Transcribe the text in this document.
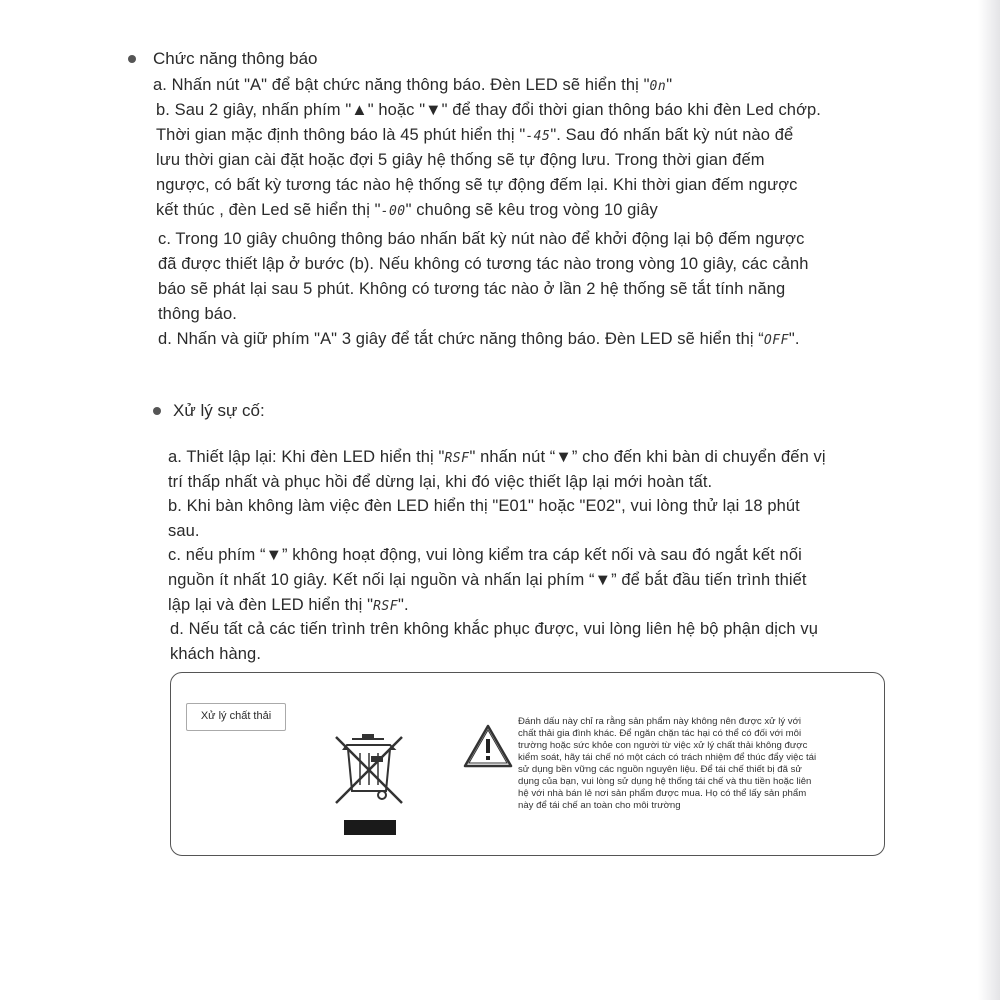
Chức năng thông báo
a. Nhấn nút "A" để bật chức năng thông báo. Đèn LED sẽ hiển thị "0n"
b. Sau 2 giây, nhấn phím "▲" hoặc "▼" để thay đổi thời gian thông báo khi đèn Led chớp.
Thời gian mặc định thông báo là 45 phút hiển thị "-45". Sau đó nhấn bất kỳ nút nào để
lưu thời gian cài đặt hoặc đợi 5 giây hệ thống sẽ tự động lưu. Trong thời gian đếm
ngược, có bất kỳ tương tác nào hệ thống sẽ tự động đếm lại. Khi thời gian đếm ngược
kết thúc , đèn Led sẽ hiển thị "-00" chuông sẽ kêu trog vòng 10 giây
c. Trong 10 giây chuông thông báo nhấn bất kỳ nút nào để khởi động lại bộ đếm ngược
đã được thiết lập ở bước (b). Nếu không có tương tác nào trong vòng 10 giây, các cảnh
báo sẽ phát lại sau 5 phút. Không có tương tác nào ở lần 2 hệ thống sẽ tắt tính năng
thông báo.
d. Nhấn và giữ phím "A" 3 giây để tắt chức năng thông báo. Đèn LED sẽ hiển thị “OFF".
Xử lý sự cố:
a. Thiết lập lại: Khi đèn LED hiển thị "RSF" nhấn nút “▼” cho đến khi bàn di chuyển đến vị
trí thấp nhất và phục hồi để dừng lại, khi đó việc thiết lập lại mới hoàn tất.
b. Khi bàn không làm việc đèn LED hiển thị "E01" hoặc "E02", vui lòng thử lại 18 phút
sau.
c. nếu phím “▼” không hoạt động, vui lòng kiểm tra cáp kết nối và sau đó ngắt kết nối
nguồn ít nhất 10 giây. Kết nối lại nguồn và nhấn lại phím “▼” để bắt đầu tiến trình thiết
lập lại và đèn LED hiển thị "RSF".
d. Nếu tất cả các tiến trình trên không khắc phục được, vui lòng liên hệ bộ phận dịch vụ
khách hàng.
Xử lý chất thải	Đánh dấu này chỉ ra rằng sản phẩm này không nên được xử lý với
chất thải gia đình khác. Để ngăn chặn tác hại có thể có đối với môi
trường hoặc sức khỏe con người từ việc xử lý chất thải không được
kiểm soát, hãy tái chế nó một cách có trách nhiệm để thúc đẩy việc tái
sử dụng bền vững các nguồn nguyên liệu. Để tái chế thiết bị đã sử
dụng của bạn, vui lòng sử dụng hệ thống tái chế và thu tiền hoặc liên
hệ với nhà bán lẻ nơi sản phẩm được mua. Họ có thể lấy sản phẩm
này để tái chế an toàn cho môi trường
